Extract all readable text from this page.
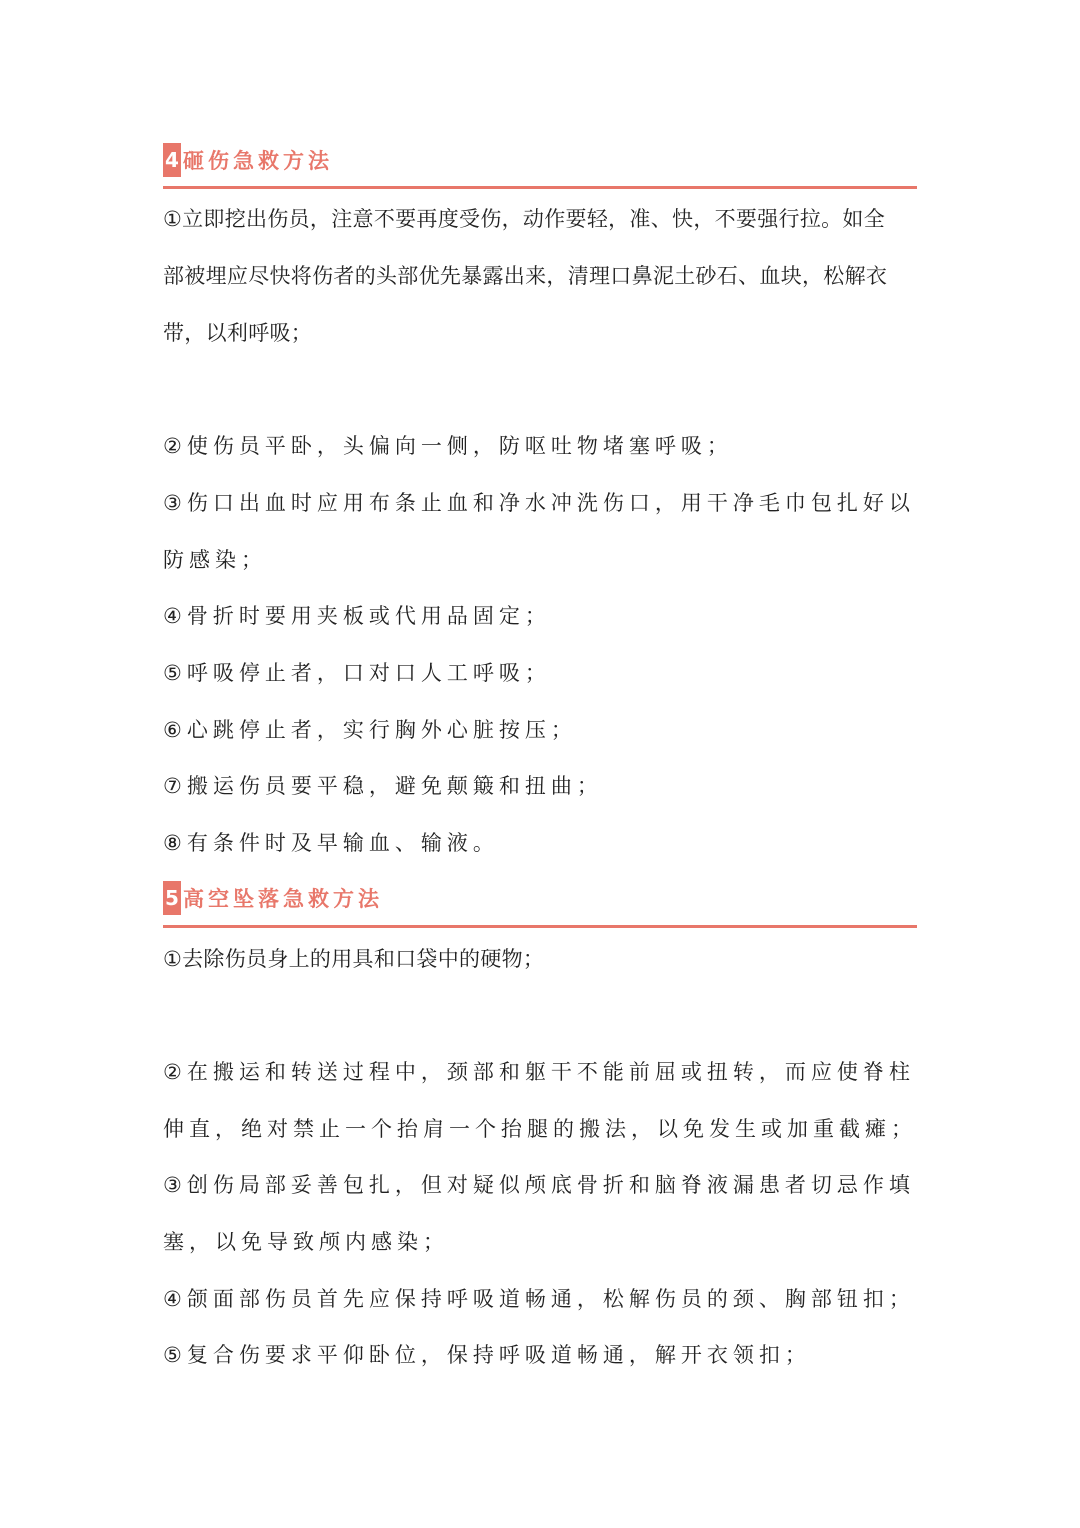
4 砸伤急救方法
①立即挖出伤员，注意不要再度受伤，动作要轻，准、快，不要强行拉。如全
部被埋应尽快将伤者的头部优先暴露出来，清理口鼻泥土砂石、血块，松解衣
带，以利呼吸；
②使伤员平卧，头偏向一侧，防呕吐物堵塞呼吸；
③伤口出血时应用布条止血和净水冲洗伤口，用干净毛巾包扎好以
防感染；
④骨折时要用夹板或代用品固定；
⑤呼吸停止者，口对口人工呼吸；
⑥心跳停止者，实行胸外心脏按压；
⑦搬运伤员要平稳，避免颠簸和扭曲；
⑧有条件时及早输血、输液。
5 高空坠落急救方法
①去除伤员身上的用具和口袋中的硬物；
②在搬运和转送过程中，颈部和躯干不能前屈或扭转，而应使脊柱
伸直，绝对禁止一个抬肩一个抬腿的搬法，以免发生或加重截瘫；
③创伤局部妥善包扎，但对疑似颅底骨折和脑脊液漏患者切忌作填
塞，以免导致颅内感染；
④颌面部伤员首先应保持呼吸道畅通，松解伤员的颈、胸部钮扣；
⑤复合伤要求平仰卧位，保持呼吸道畅通，解开衣领扣；
